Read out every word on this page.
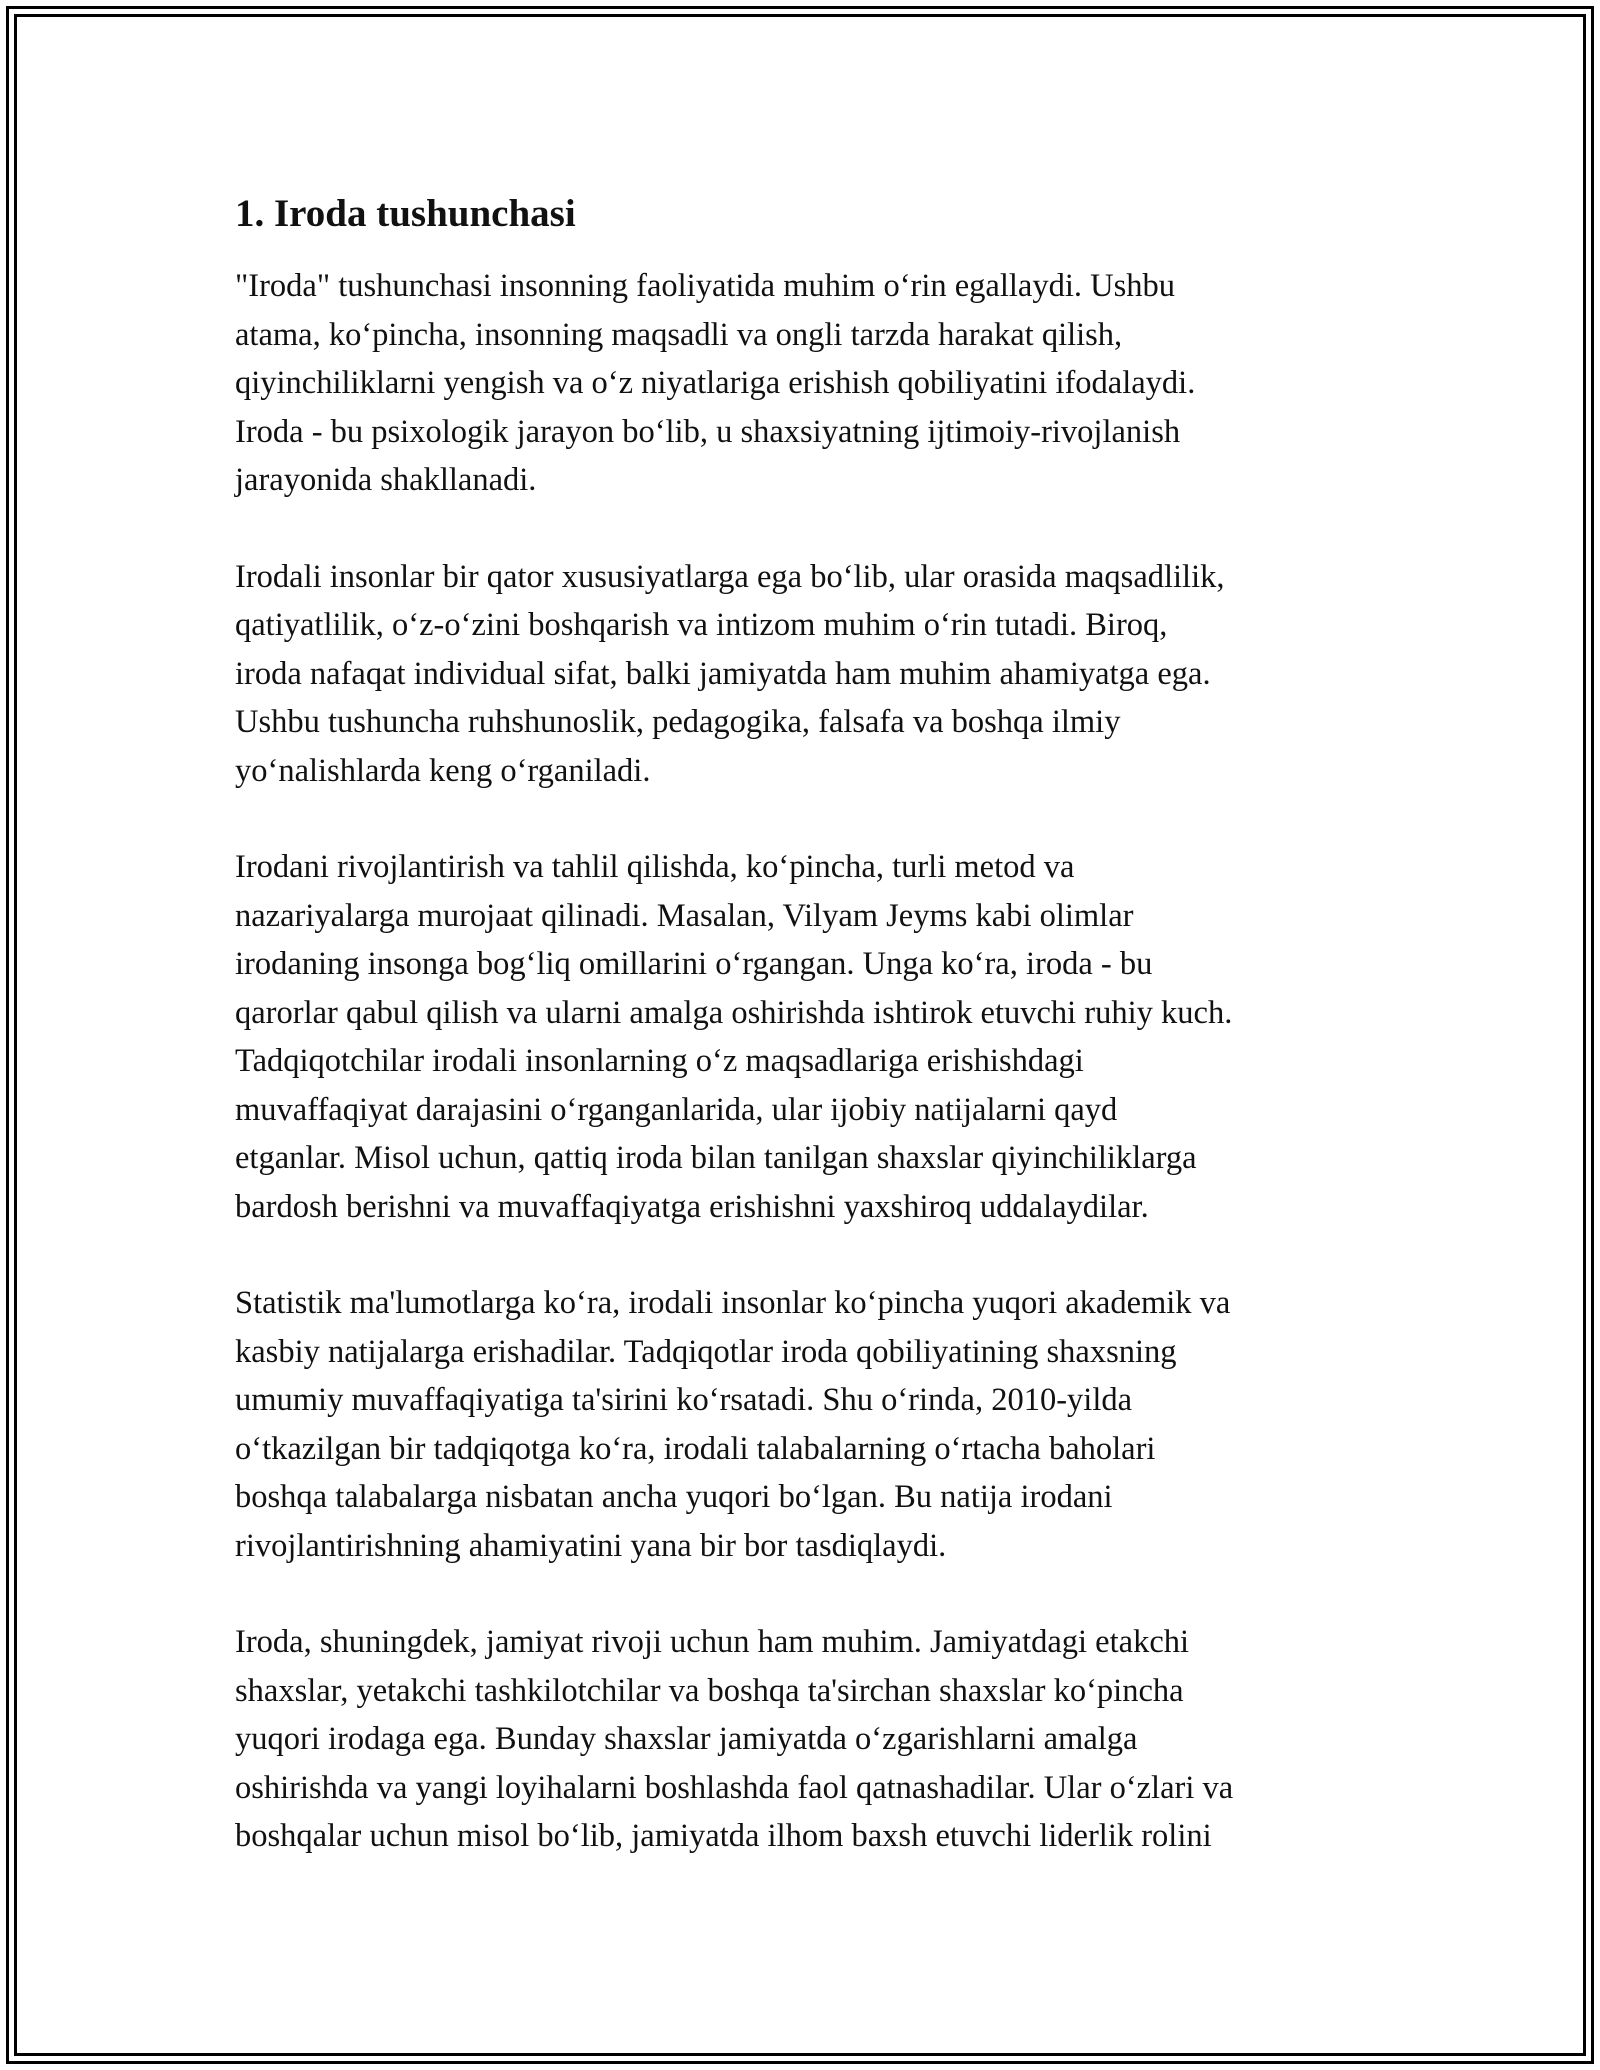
1. Iroda tushunchasi
"Iroda" tushunchasi insonning faoliyatida muhim oʻrin egallaydi. Ushbu
atama, koʻpincha, insonning maqsadli va ongli tarzda harakat qilish,
qiyinchiliklarni yengish va oʻz niyatlariga erishish qobiliyatini ifodalaydi.
Iroda - bu psixologik jarayon boʻlib, u shaxsiyatning ijtimoiy-rivojlanish
jarayonida shakllanadi.
Irodali insonlar bir qator xususiyatlarga ega boʻlib, ular orasida maqsadlilik,
qatiyatlilik, oʻz-oʻzini boshqarish va intizom muhim oʻrin tutadi. Biroq,
iroda nafaqat individual sifat, balki jamiyatda ham muhim ahamiyatga ega.
Ushbu tushuncha ruhshunoslik, pedagogika, falsafa va boshqa ilmiy
yoʻnalishlarda keng oʻrganiladi.
Irodani rivojlantirish va tahlil qilishda, koʻpincha, turli metod va
nazariyalarga murojaat qilinadi. Masalan, Vilyam Jeyms kabi olimlar
irodaning insonga bogʻliq omillarini oʻrgangan. Unga koʻra, iroda - bu
qarorlar qabul qilish va ularni amalga oshirishda ishtirok etuvchi ruhiy kuch.
Tadqiqotchilar irodali insonlarning oʻz maqsadlariga erishishdagi
muvaffaqiyat darajasini oʻrganganlarida, ular ijobiy natijalarni qayd
etganlar. Misol uchun, qattiq iroda bilan tanilgan shaxslar qiyinchiliklarga
bardosh berishni va muvaffaqiyatga erishishni yaxshiroq uddalaydilar.
Statistik ma'lumotlarga koʻra, irodali insonlar koʻpincha yuqori akademik va
kasbiy natijalarga erishadilar. Tadqiqotlar iroda qobiliyatining shaxsning
umumiy muvaffaqiyatiga ta'sirini koʻrsatadi. Shu oʻrinda, 2010-yilda
oʻtkazilgan bir tadqiqotga koʻra, irodali talabalarning oʻrtacha baholari
boshqa talabalarga nisbatan ancha yuqori boʻlgan. Bu natija irodani
rivojlantirishning ahamiyatini yana bir bor tasdiqlaydi.
Iroda, shuningdek, jamiyat rivoji uchun ham muhim. Jamiyatdagi etakchi
shaxslar, yetakchi tashkilotchilar va boshqa ta'sirchan shaxslar koʻpincha
yuqori irodaga ega. Bunday shaxslar jamiyatda oʻzgarishlarni amalga
oshirishda va yangi loyihalarni boshlashda faol qatnashadilar. Ular oʻzlari va
boshqalar uchun misol boʻlib, jamiyatda ilhom baxsh etuvchi liderlik rolini
